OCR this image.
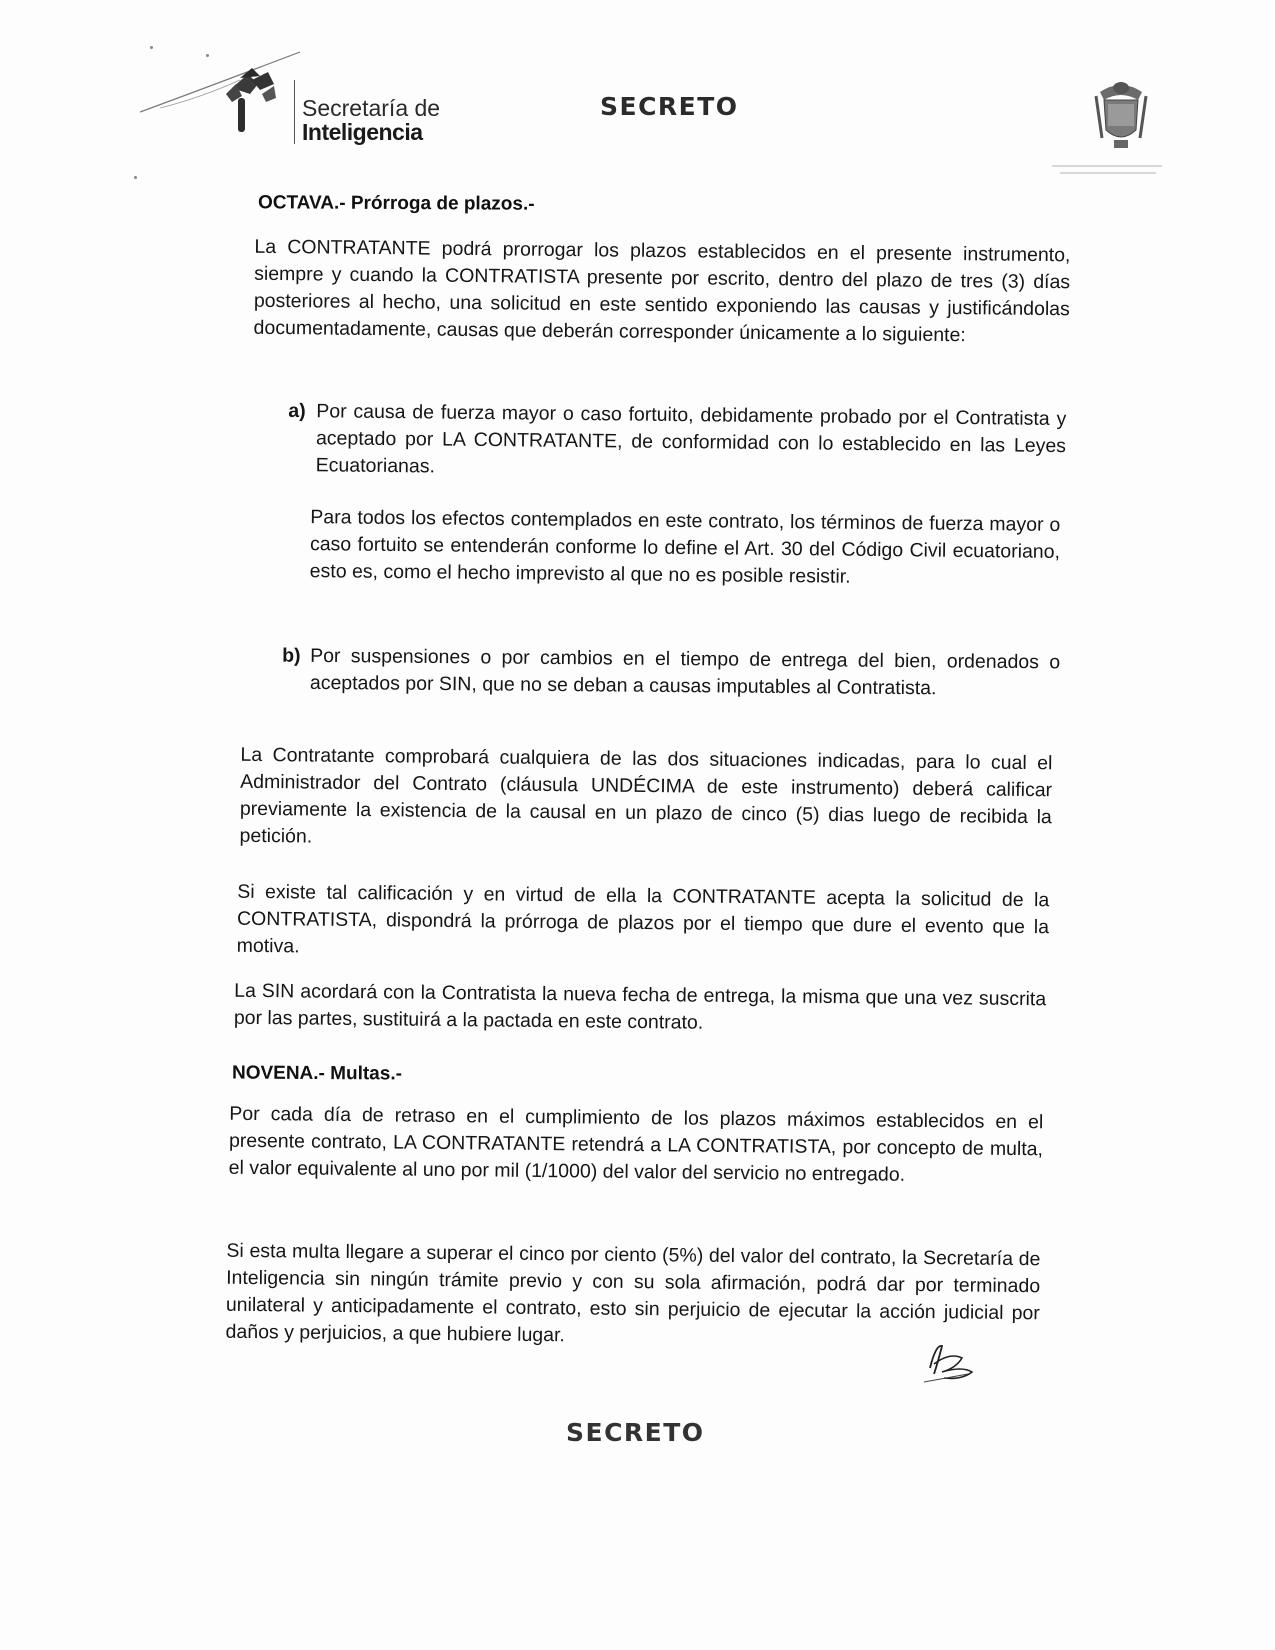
Secretaría de
Inteligencia
SECRETO
OCTAVA.- Prórroga de plazos.-

La CONTRATANTE podrá prorrogar los plazos establecidos en el presente instrumento, siempre y cuando la CONTRATISTA presente por escrito, dentro del plazo de tres (3) días posteriores al hecho, una solicitud en este sentido exponiendo las causas y justificándolas documentadamente, causas que deberán corresponder únicamente a lo siguiente:

a) Por causa de fuerza mayor o caso fortuito, debidamente probado por el Contratista y aceptado por LA CONTRATANTE, de conformidad con lo establecido en las Leyes Ecuatorianas.

Para todos los efectos contemplados en este contrato, los términos de fuerza mayor o caso fortuito se entenderán conforme lo define el Art. 30 del Código Civil ecuatoriano, esto es, como el hecho imprevisto al que no es posible resistir.

b) Por suspensiones o por cambios en el tiempo de entrega del bien, ordenados o aceptados por SIN, que no se deban a causas imputables al Contratista.

La Contratante comprobará cualquiera de las dos situaciones indicadas, para lo cual el Administrador del Contrato (cláusula UNDÉCIMA de este instrumento) deberá calificar previamente la existencia de la causal en un plazo de cinco (5) dias luego de recibida la petición.

Si existe tal calificación y en virtud de ella la CONTRATANTE acepta la solicitud de la CONTRATISTA, dispondrá la prórroga de plazos por el tiempo que dure el evento que la motiva.

La SIN acordará con la Contratista la nueva fecha de entrega, la misma que una vez suscrita por las partes, sustituirá a la pactada en este contrato.

NOVENA.- Multas.-

Por cada día de retraso en el cumplimiento de los plazos máximos establecidos en el presente contrato, LA CONTRATANTE retendrá a LA CONTRATISTA, por concepto de multa, el valor equivalente al uno por mil (1/1000) del valor del servicio no entregado.

Si esta multa llegare a superar el cinco por ciento (5%) del valor del contrato, la Secretaría de Inteligencia sin ningún trámite previo y con su sola afirmación, podrá dar por terminado unilateral y anticipadamente el contrato, esto sin perjuicio de ejecutar la acción judicial por daños y perjuicios, a que hubiere lugar.

SECRETO
